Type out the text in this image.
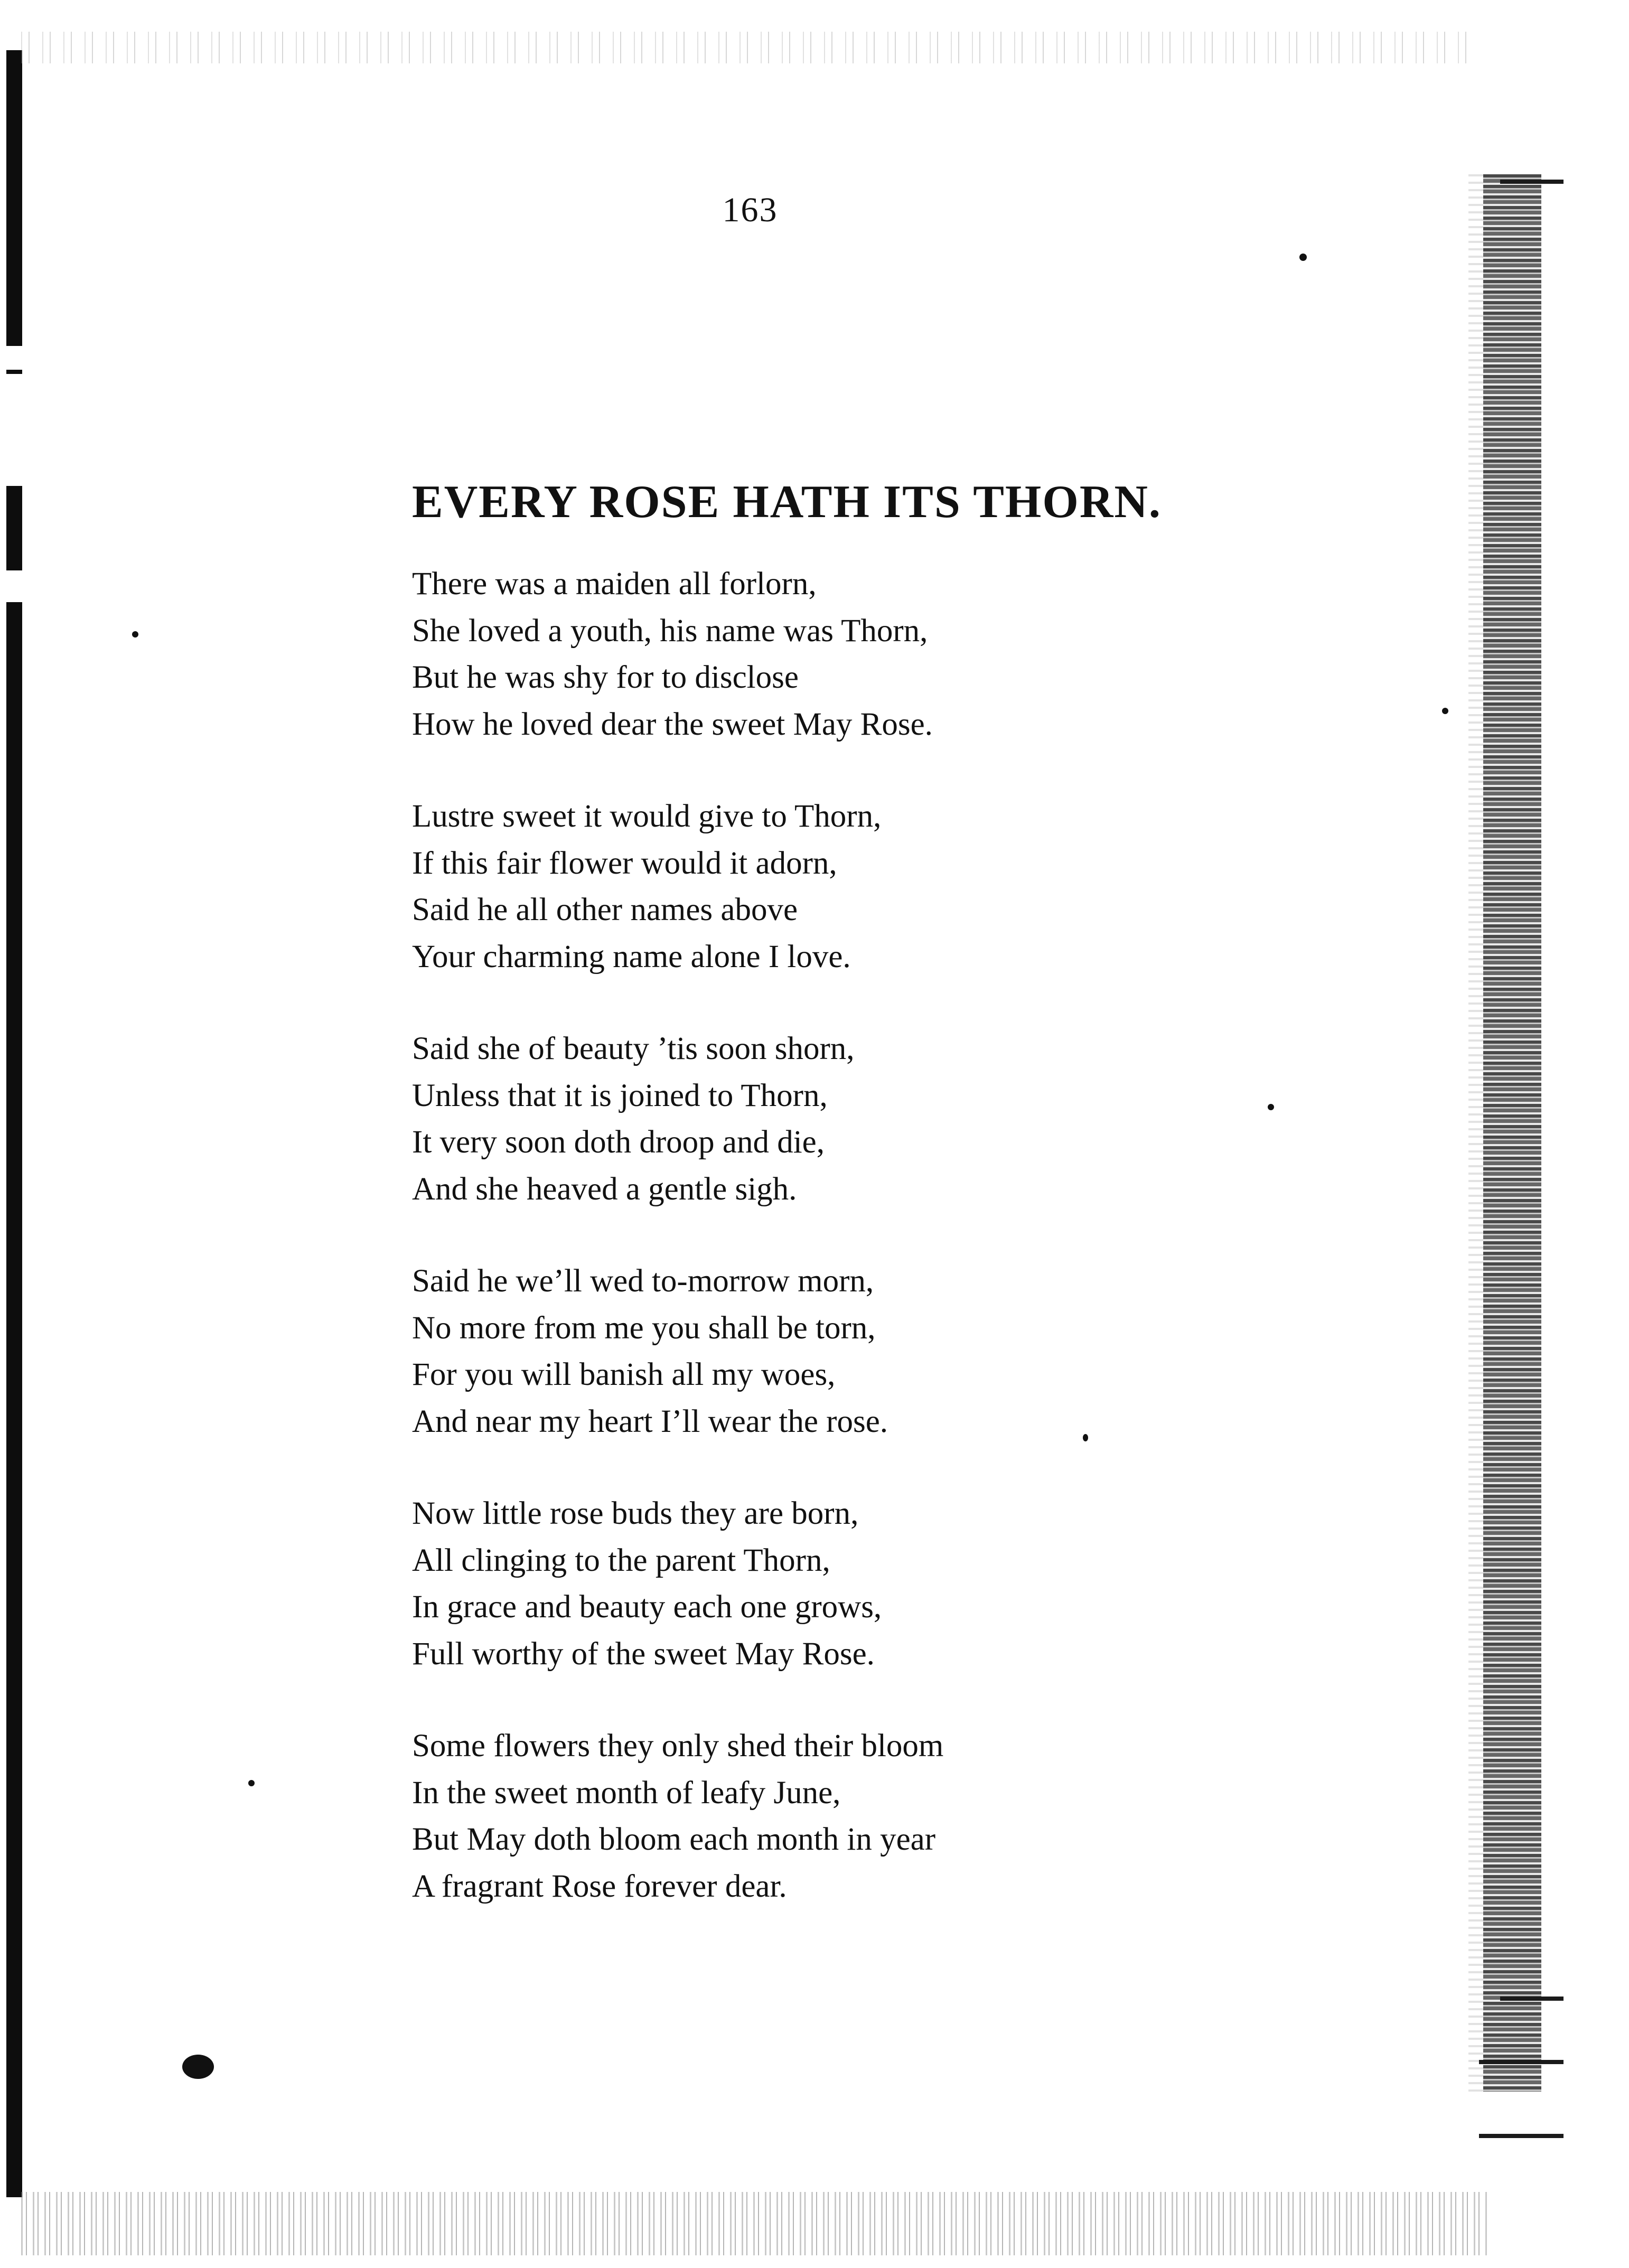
163
EVERY ROSE HATH ITS THORN.
There was a maiden all forlorn,
She loved a youth, his name was Thorn,
But he was shy for to disclose
How he loved dear the sweet May Rose.
Lustre sweet it would give to Thorn,
If this fair flower would it adorn,
Said he all other names above
Your charming name alone I love.
Said she of beauty ’tis soon shorn,
Unless that it is joined to Thorn,
It very soon doth droop and die,
And she heaved a gentle sigh.
Said he we’ll wed to-morrow morn,
No more from me you shall be torn,
For you will banish all my woes,
And near my heart I’ll wear the rose.
Now little rose buds they are born,
All clinging to the parent Thorn,
In grace and beauty each one grows,
Full worthy of the sweet May Rose.
Some flowers they only shed their bloom
In the sweet month of leafy June,
But May doth bloom each month in year
A fragrant Rose forever dear.
